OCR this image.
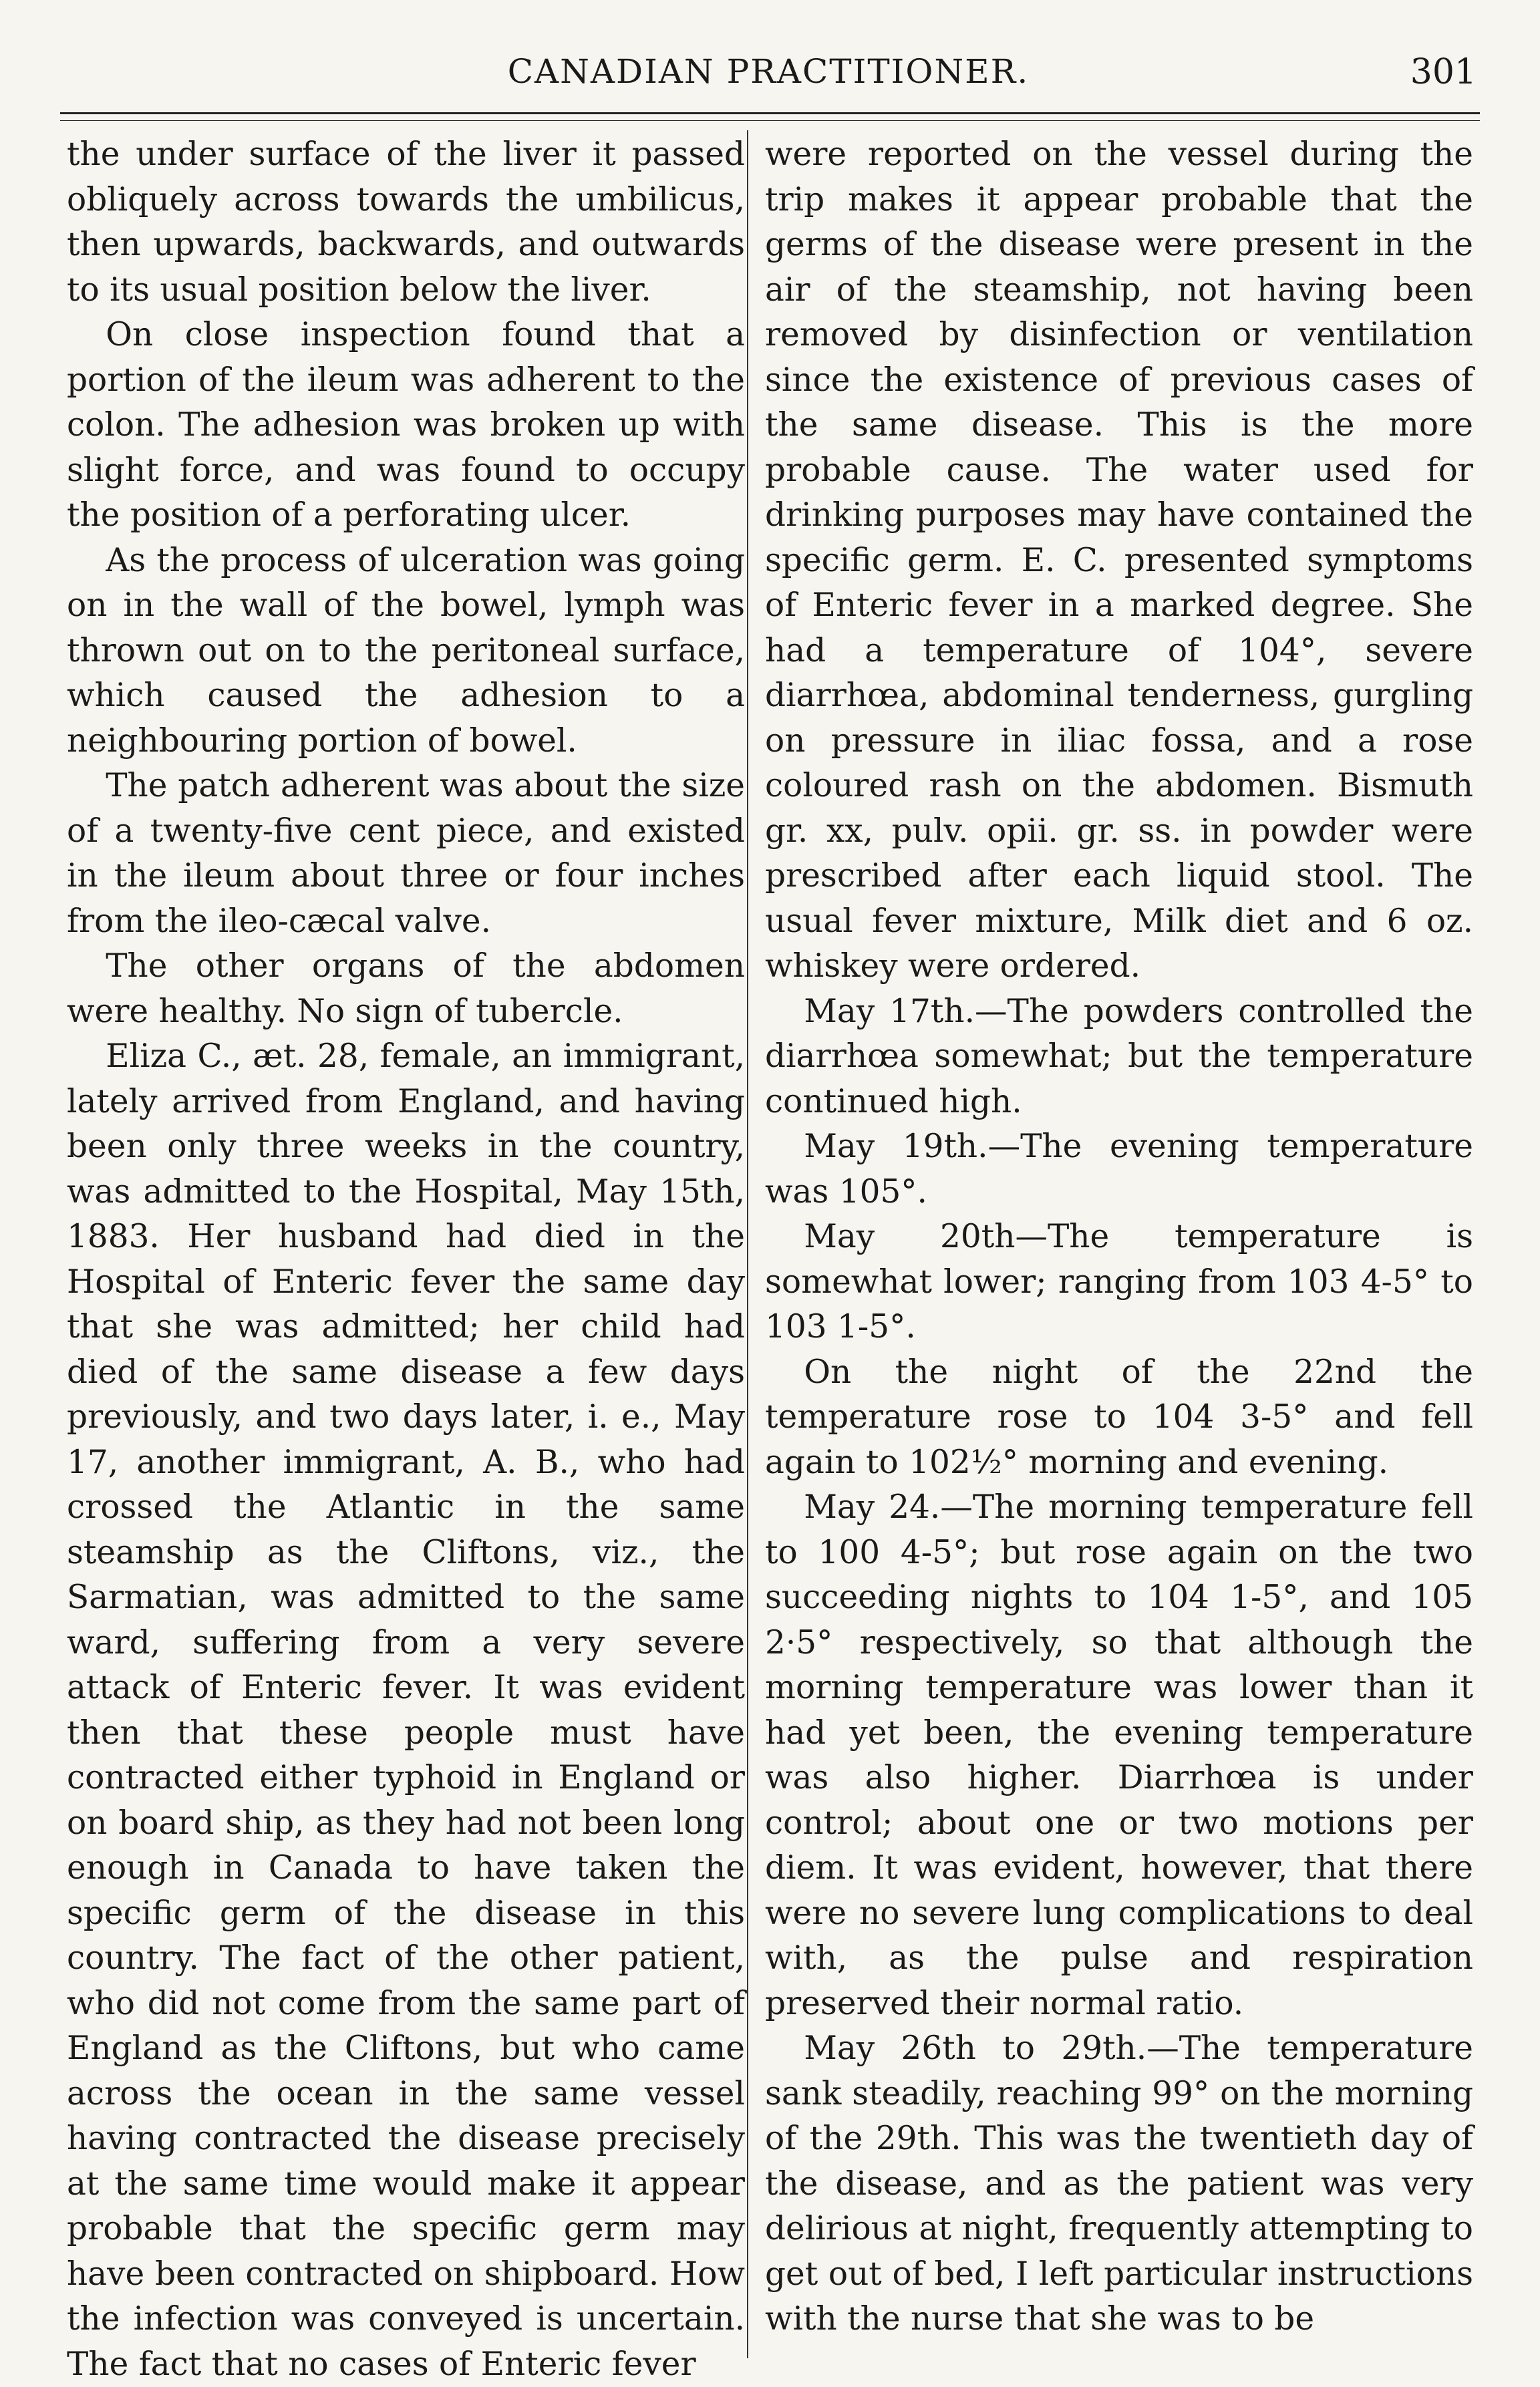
CANADIAN PRACTITIONER.	301

the under surface of the liver it passed obliquely across towards the umbilicus, then upwards, backwards, and outwards to its usual position below the liver.

On close inspection found that a portion of the ileum was adherent to the colon. The adhesion was broken up with slight force, and was found to occupy the position of a perforating ulcer.

As the process of ulceration was going on in the wall of the bowel, lymph was thrown out on to the peritoneal surface, which caused the adhesion to a neighbouring portion of bowel.

The patch adherent was about the size of a twenty-five cent piece, and existed in the ileum about three or four inches from the ileo-cæcal valve.

The other organs of the abdomen were healthy. No sign of tubercle.

Eliza C., æt. 28, female, an immigrant, lately arrived from England, and having been only three weeks in the country, was admitted to the Hospital, May 15th, 1883. Her husband had died in the Hospital of Enteric fever the same day that she was admitted; her child had died of the same disease a few days previously, and two days later, i. e., May 17, another immigrant, A. B., who had crossed the Atlantic in the same steamship as the Cliftons, viz., the Sarmatian, was admitted to the same ward, suffering from a very severe attack of Enteric fever. It was evident then that these people must have contracted either typhoid in England or on board ship, as they had not been long enough in Canada to have taken the specific germ of the disease in this country. The fact of the other patient, who did not come from the same part of England as the Cliftons, but who came across the ocean in the same vessel having contracted the disease precisely at the same time would make it appear probable that the specific germ may have been contracted on shipboard. How the infection was conveyed is uncertain. The fact that no cases of Enteric fever

were reported on the vessel during the trip makes it appear probable that the germs of the disease were present in the air of the steamship, not having been removed by disinfection or ventilation since the existence of previous cases of the same disease. This is the more probable cause. The water used for drinking purposes may have contained the specific germ. E. C. presented symptoms of Enteric fever in a marked degree. She had a temperature of 104°, severe diarrhœa, abdominal tenderness, gurgling on pressure in iliac fossa, and a rose coloured rash on the abdomen. Bismuth gr. xx, pulv. opii. gr. ss. in powder were prescribed after each liquid stool. The usual fever mixture, Milk diet and 6 oz. whiskey were ordered.

May 17th.—The powders controlled the diarrhœa somewhat; but the temperature continued high.

May 19th.—The evening temperature was 105°.

May 20th—The temperature is somewhat lower; ranging from 103 4-5° to 103 1-5°.

On the night of the 22nd the temperature rose to 104 3-5° and fell again to 102½° morning and evening.

May 24.—The morning temperature fell to 100 4-5°; but rose again on the two succeeding nights to 104 1-5°, and 105 2·5° respectively, so that although the morning temperature was lower than it had yet been, the evening temperature was also higher. Diarrhœa is under control; about one or two motions per diem. It was evident, however, that there were no severe lung complications to deal with, as the pulse and respiration preserved their normal ratio.

May 26th to 29th.—The temperature sank steadily, reaching 99° on the morning of the 29th. This was the twentieth day of the disease, and as the patient was very delirious at night, frequently attempting to get out of bed, I left particular instructions with the nurse that she was to be
